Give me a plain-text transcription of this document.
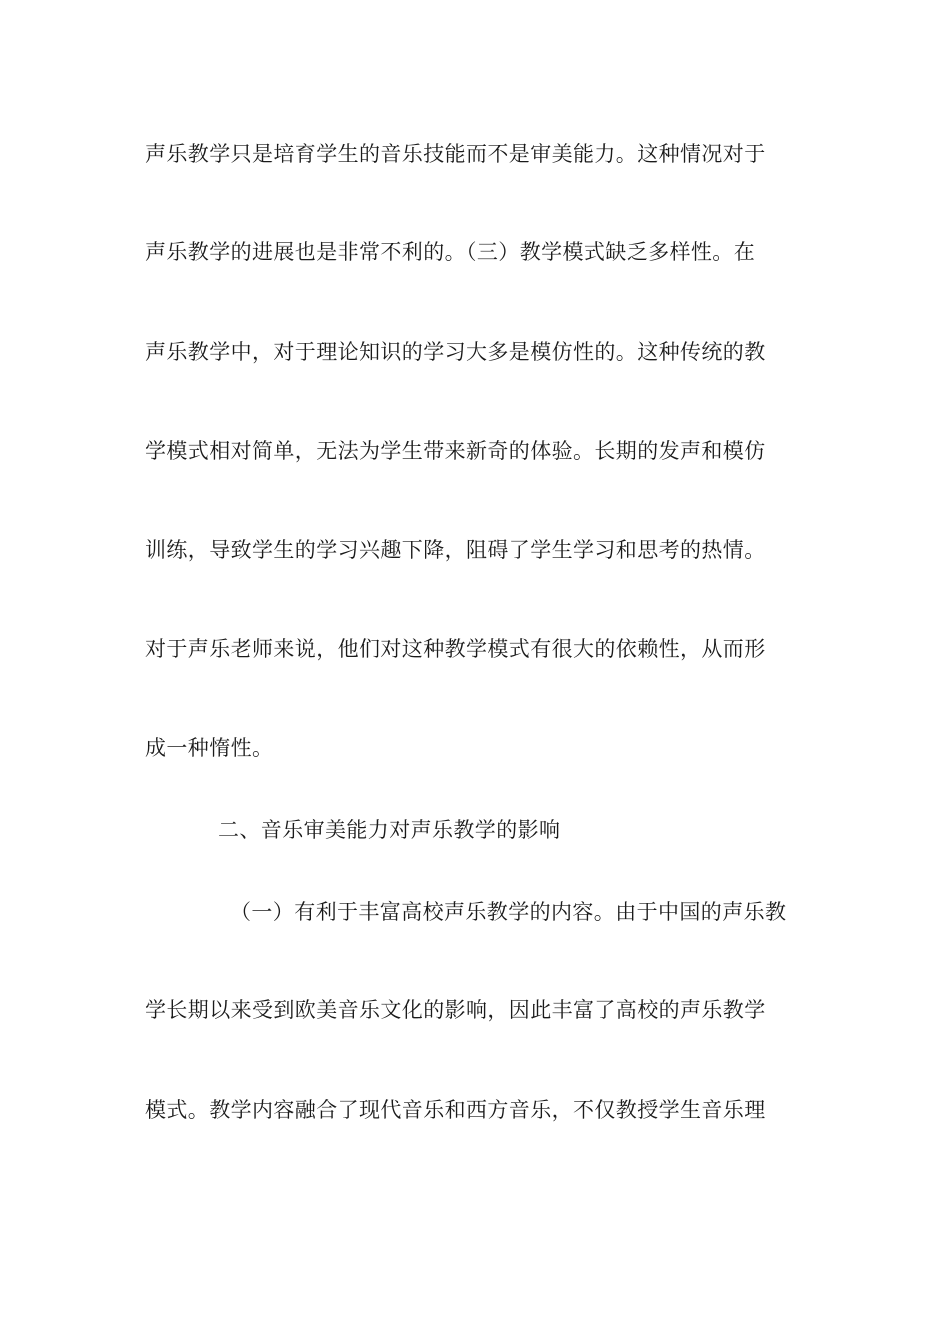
声乐教学只是培育学生的音乐技能而不是审美能力。这种情况对于
声乐教学的进展也是非常不利的。（三）教学模式缺乏多样性。在
声乐教学中，对于理论知识的学习大多是模仿性的。这种传统的教
学模式相对简单，无法为学生带来新奇的体验。长期的发声和模仿
训练，导致学生的学习兴趣下降，阻碍了学生学习和思考的热情。
对于声乐老师来说，他们对这种教学模式有很大的依赖性，从而形
成一种惰性。
二、音乐审美能力对声乐教学的影响
（一）有利于丰富高校声乐教学的内容。由于中国的声乐教
学长期以来受到欧美音乐文化的影响，因此丰富了高校的声乐教学
模式。教学内容融合了现代音乐和西方音乐，不仅教授学生音乐理
